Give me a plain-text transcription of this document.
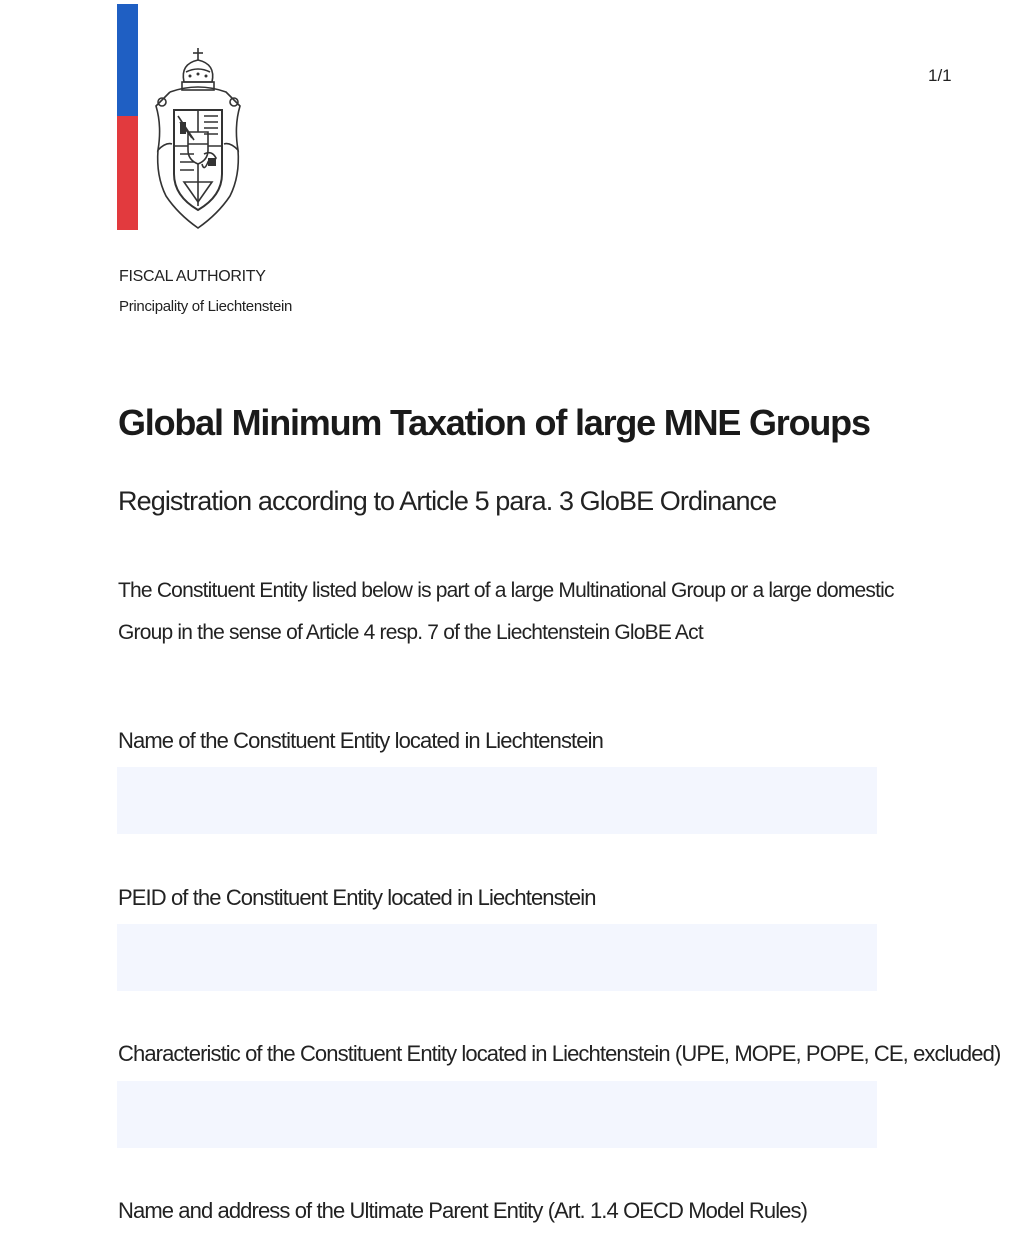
1/1
FISCAL AUTHORITY
Principality of Liechtenstein
Global Minimum Taxation of large MNE Groups
Registration according to Article 5 para. 3 GloBE Ordinance
The Constituent Entity listed below is part of a large Multinational Group or a large domestic Group in the sense of Article 4 resp. 7 of the Liechtenstein GloBE Act
Name of the Constituent Entity located in Liechtenstein
PEID of the Constituent Entity located in Liechtenstein
Characteristic of the Constituent Entity located in Liechtenstein (UPE, MOPE, POPE, CE, excluded)
Name and address of the Ultimate Parent Entity (Art. 1.4 OECD Model Rules)
